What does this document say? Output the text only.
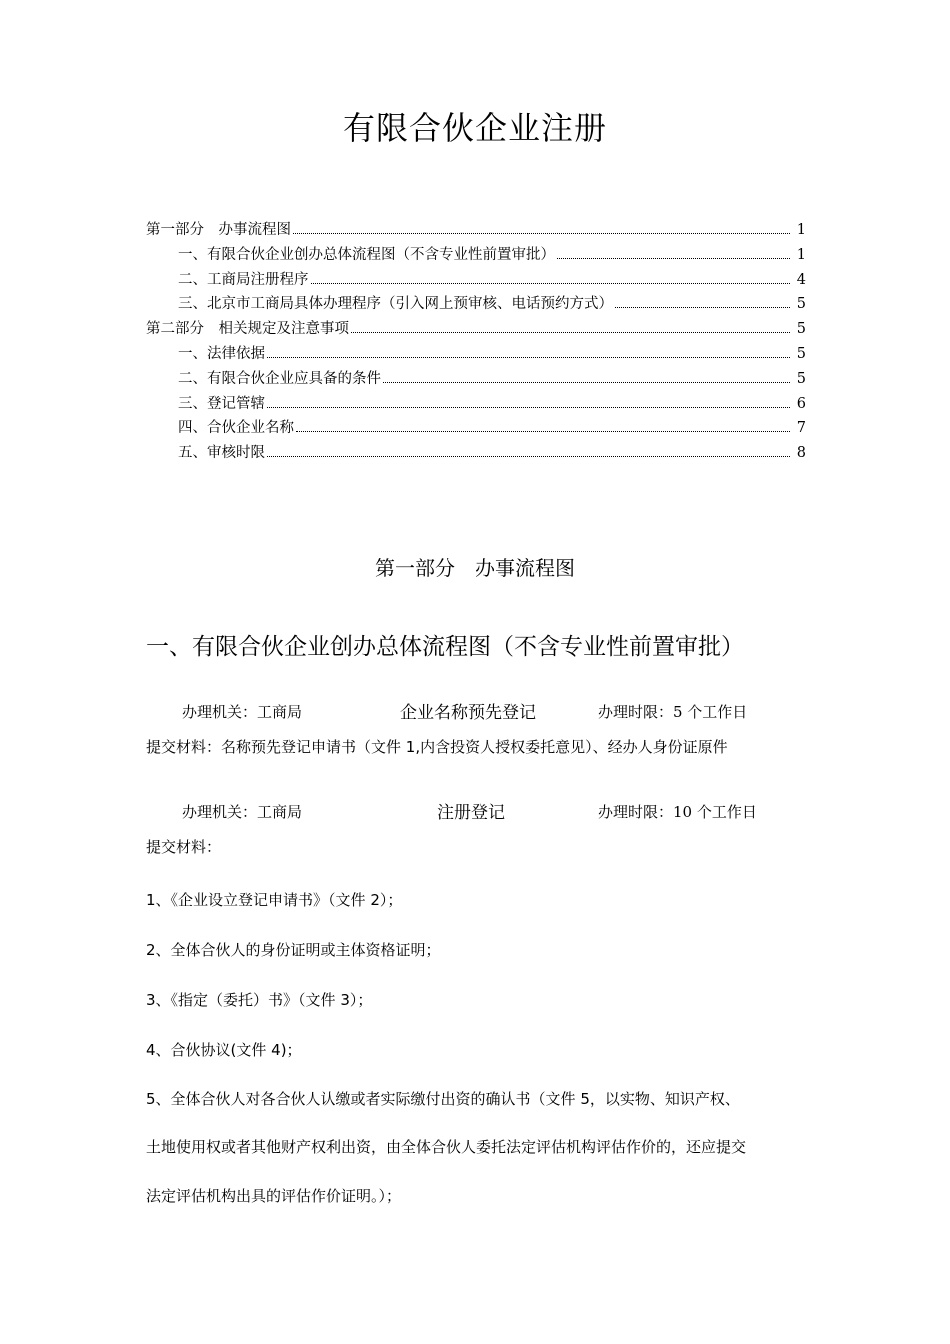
有限合伙企业注册
第一部分　办事流程图	1
一、有限合伙企业创办总体流程图（不含专业性前置审批）	1
二、工商局注册程序	4
三、北京市工商局具体办理程序（引入网上预审核、电话预约方式）	5
第二部分　相关规定及注意事项	5
一、法律依据	5
二、有限合伙企业应具备的条件	5
三、登记管辖	6
四、合伙企业名称	7
五、审核时限	8
第一部分　办事流程图
一、有限合伙企业创办总体流程图（不含专业性前置审批）
办理机关：工商局	企业名称预先登记	办理时限：5 个工作日
提交材料：名称预先登记申请书（文件 1,内含投资人授权委托意见）、经办人身份证原件
办理机关：工商局	注册登记	办理时限：10 个工作日
提交材料：
1、《企业设立登记申请书》（文件 2）；
2、全体合伙人的身份证明或主体资格证明；
3、《指定（委托）书》（文件 3）；
4、合伙协议(文件 4)；
5、全体合伙人对各合伙人认缴或者实际缴付出资的确认书（文件 5，以实物、知识产权、
土地使用权或者其他财产权利出资，由全体合伙人委托法定评估机构评估作价的，还应提交
法定评估机构出具的评估作价证明。）；
